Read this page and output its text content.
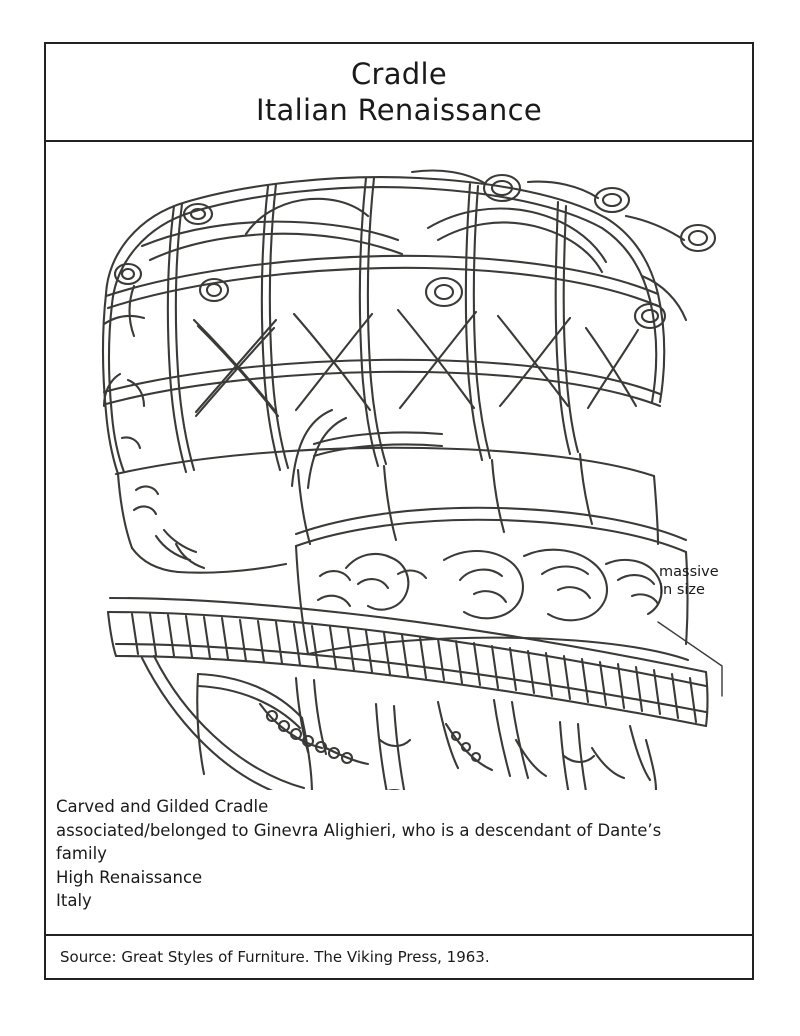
Cradle
Italian Renaissance
massive
in size
Carved and Gilded Cradle
associated/belonged to Ginevra Alighieri, who is a descendant of Dante’s
family
High Renaissance
Italy
Source: Great Styles of Furniture. The Viking Press, 1963.
